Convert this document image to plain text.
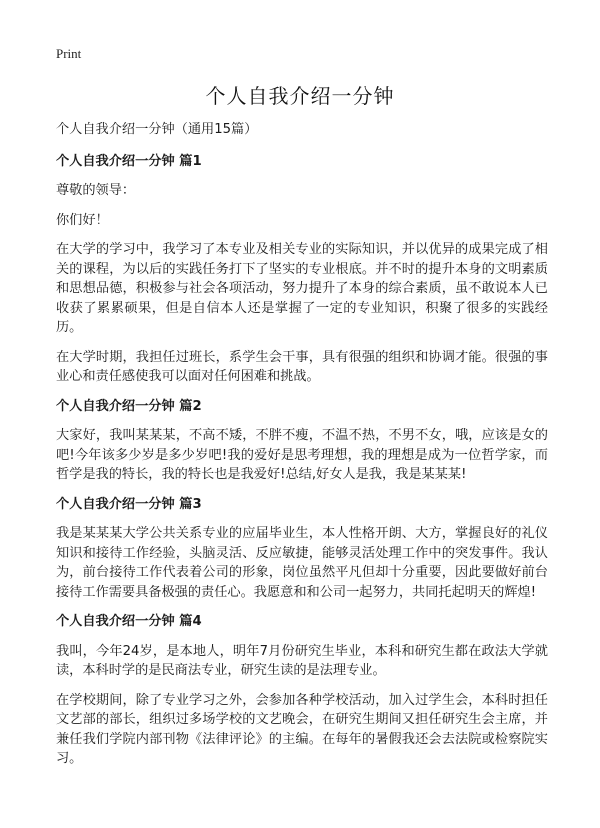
Print
个人自我介绍一分钟

个人自我介绍一分钟（通用15篇）

个人自我介绍一分钟 篇1

尊敬的领导：

你们好！

在大学的学习中，我学习了本专业及相关专业的实际知识，并以优异的成果完成了相关的课程，为以后的实践任务打下了坚实的专业根底。并不时的提升本身的文明素质和思想品德，积极参与社会各项活动，努力提升了本身的综合素质，虽不敢说本人已收获了累累硕果，但是自信本人还是掌握了一定的专业知识，积聚了很多的实践经历。

在大学时期，我担任过班长，系学生会干事，具有很强的组织和协调才能。很强的事业心和责任感使我可以面对任何困难和挑战。

个人自我介绍一分钟 篇2

大家好，我叫某某某，不高不矮，不胖不瘦，不温不热，不男不女，哦，应该是女的吧!今年该多少岁是多少岁吧!我的爱好是思考理想，我的理想是成为一位哲学家，而哲学是我的特长，我的特长也是我爱好!总结,好女人是我，我是某某某!

个人自我介绍一分钟 篇3

我是某某某大学公共关系专业的应届毕业生，本人性格开朗、大方，掌握良好的礼仪知识和接待工作经验，头脑灵活、反应敏捷，能够灵活处理工作中的突发事件。我认为，前台接待工作代表着公司的形象，岗位虽然平凡但却十分重要，因此要做好前台接待工作需要具备极强的责任心。我愿意和和公司一起努力，共同托起明天的辉煌!

个人自我介绍一分钟 篇4

我叫，今年24岁，是本地人，明年7月份研究生毕业，本科和研究生都在政法大学就读，本科时学的是民商法专业，研究生读的是法理专业。

在学校期间，除了专业学习之外，会参加各种学校活动，加入过学生会，本科时担任文艺部的部长，组织过多场学校的文艺晚会，在研究生期间又担任研究生会主席，并兼任我们学院内部刊物《法律评论》的主编。在每年的暑假我还会去法院或检察院实习。
